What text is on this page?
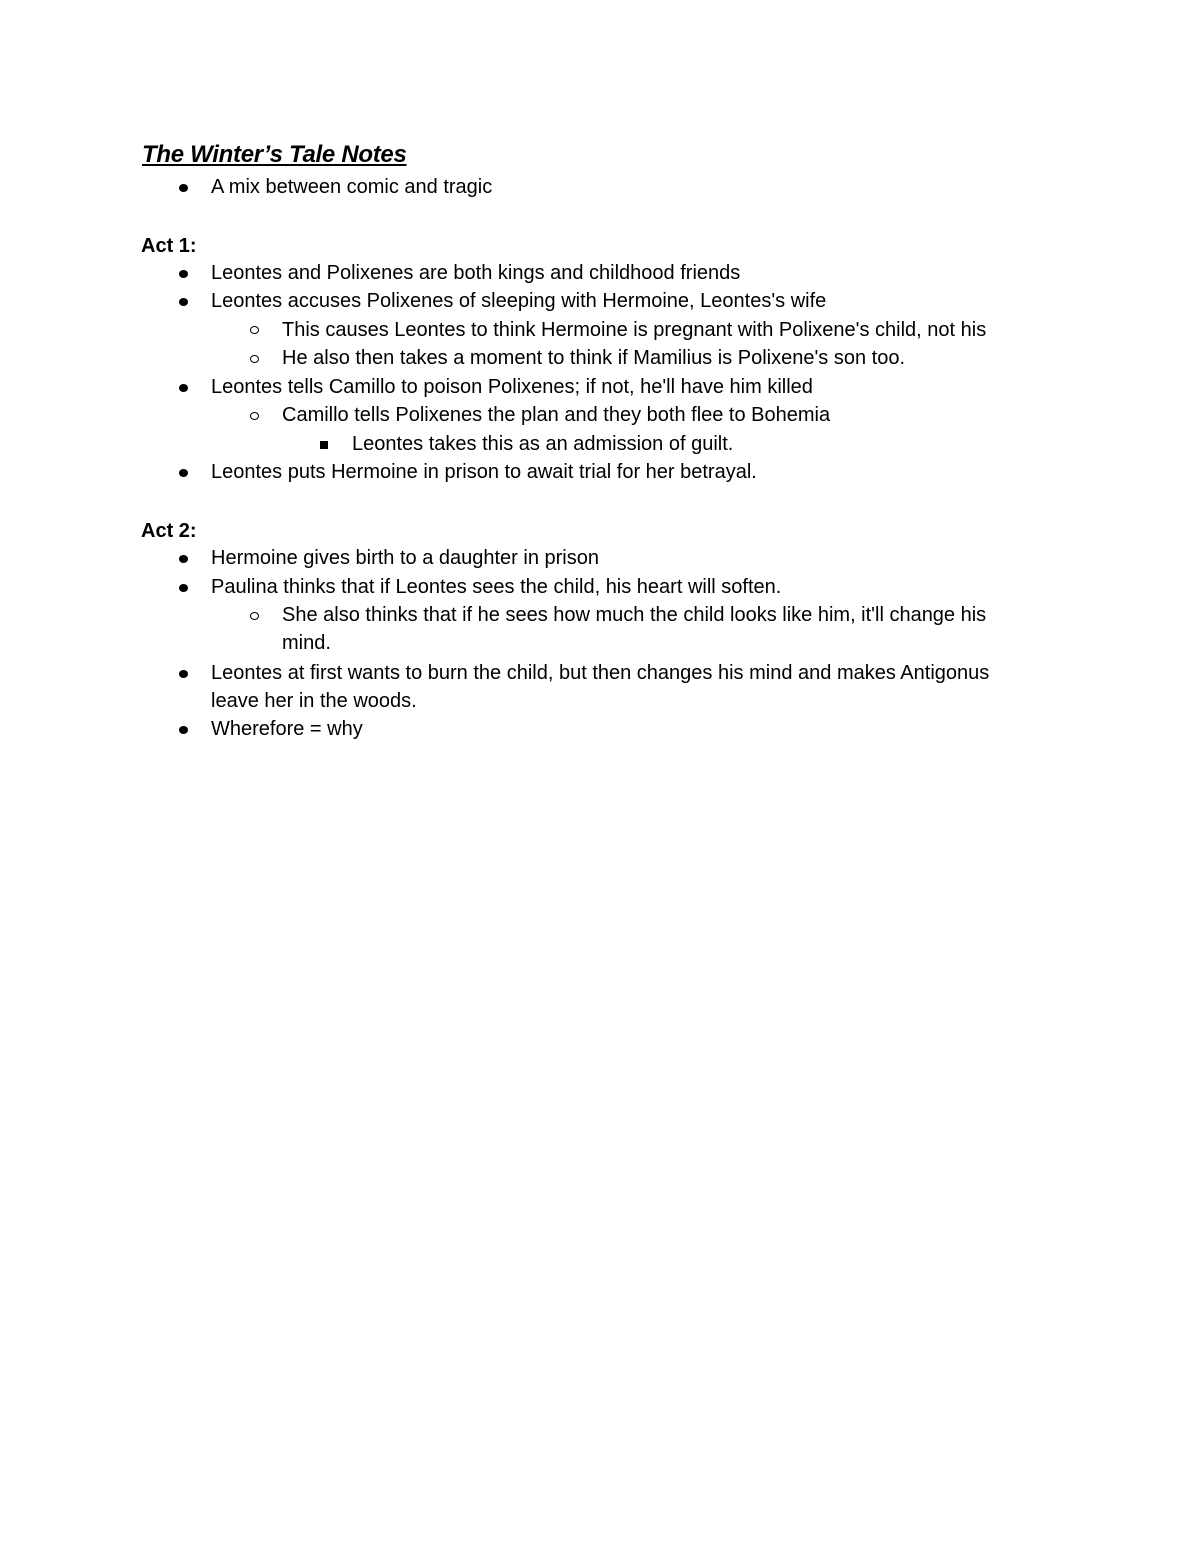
The Winter’s Tale Notes

A mix between comic and tragic

Act 1:

Leontes and Polixenes are both kings and childhood friends

Leontes accuses Polixenes of sleeping with Hermoine, Leontes's wife

This causes Leontes to think Hermoine is pregnant with Polixene's child, not his

He also then takes a moment to think if Mamilius is Polixene's son too.

Leontes tells Camillo to poison Polixenes; if not, he'll have him killed

Camillo tells Polixenes the plan and they both flee to Bohemia

Leontes takes this as an admission of guilt.

Leontes puts Hermoine in prison to await trial for her betrayal.

Act 2:

Hermoine gives birth to a daughter in prison

Paulina thinks that if Leontes sees the child, his heart will soften.

She also thinks that if he sees how much the child looks like him, it'll change his

mind.

Leontes at first wants to burn the child, but then changes his mind and makes Antigonus

leave her in the woods.

Wherefore = why
